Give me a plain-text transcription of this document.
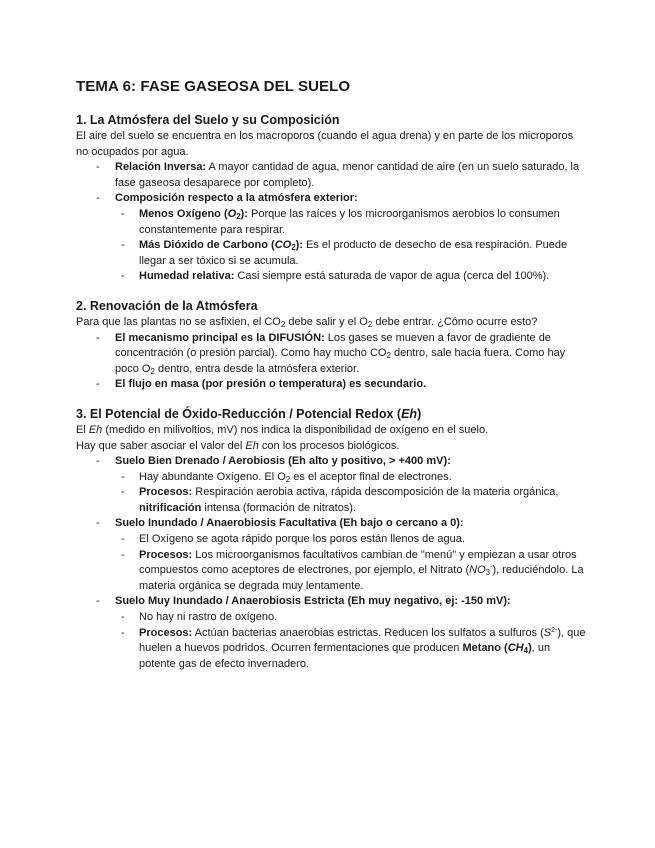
TEMA 6: FASE GASEOSA DEL SUELO
1. La Atmósfera del Suelo y su Composición

El aire del suelo se encuentra en los macroporos (cuando el agua drena) y en parte de los microporos no ocupados por agua.

- Relación Inversa: A mayor cantidad de agua, menor cantidad de aire (en un suelo saturado, la fase gaseosa desaparece por completo).
- Composición respecto a la atmósfera exterior:
- Menos Oxígeno $(O_2)$: Porque las raíces y los microorganismos aerobios lo consumen constantemente para respirar.
- Más Dióxido de Carbono $(CO_2)$: Es el producto de desecho de esa respiración. Puede llegar a ser tóxico si se acumula.
- Humedad relativa: Casi siempre está saturada de vapor de agua (cerca del 100%).
2. Renovación de la Atmósfera

Para que las plantas no se asfixien, el $CO_2$ debe salir y el $O_2$ debe entrar. ¿Cómo ocurre esto?

- El mecanismo principal es la DIFUSIÓN: Los gases se mueven a favor de gradiente de concentración (o presión parcial). Como hay mucho $CO_2$ dentro, sale hacia fuera. Como hay poco $O_2$ dentro, entra desde la atmósfera exterior.
- El flujo en masa (por presión o temperatura) es secundario.
3. El Potencial de Óxido-Reducción / Potencial Redox (Eh)

El Eh (medido en milivoltios, mV) nos indica la disponibilidad de oxígeno en el suelo.

Hay que saber asociar el valor del Eh con los procesos biológicos.

- Suelo Bien Drenado / Aerobiosis (Eh alto y positivo, > +400 mV):
- Hay abundante Oxígeno. El $O_2$ es el aceptor final de electrones.
- Procesos: Respiración aerobia activa, rápida descomposición de la materia orgánica, nitrificación intensa (formación de nitratos).
- Suelo Inundado / Anaerobiosis Facultativa (Eh bajo o cercano a 0):
- El Oxígeno se agota rápido porque los poros están llenos de agua.
- Procesos: Los microorganismos facultativos cambian de "menú" y empiezan a usar otros compuestos como aceptores de electrones, por ejemplo, el Nitrato $(NO_3^-)$, reduciéndolo. La materia orgánica se degrada muy lentamente.
- Suelo Muy Inundado / Anaerobiosis Estricta (Eh muy negativo, ej: -150 mV):
- No hay ni rastro de oxígeno.
- Procesos: Actúan bacterias anaerobias estrictas. Reducen los sulfatos a sulfuros $(S^{2-})$, que huelen a huevos podridos. Ocurren fermentaciones que producen Metano $(CH_4)$, un potente gas de efecto invernadero.
